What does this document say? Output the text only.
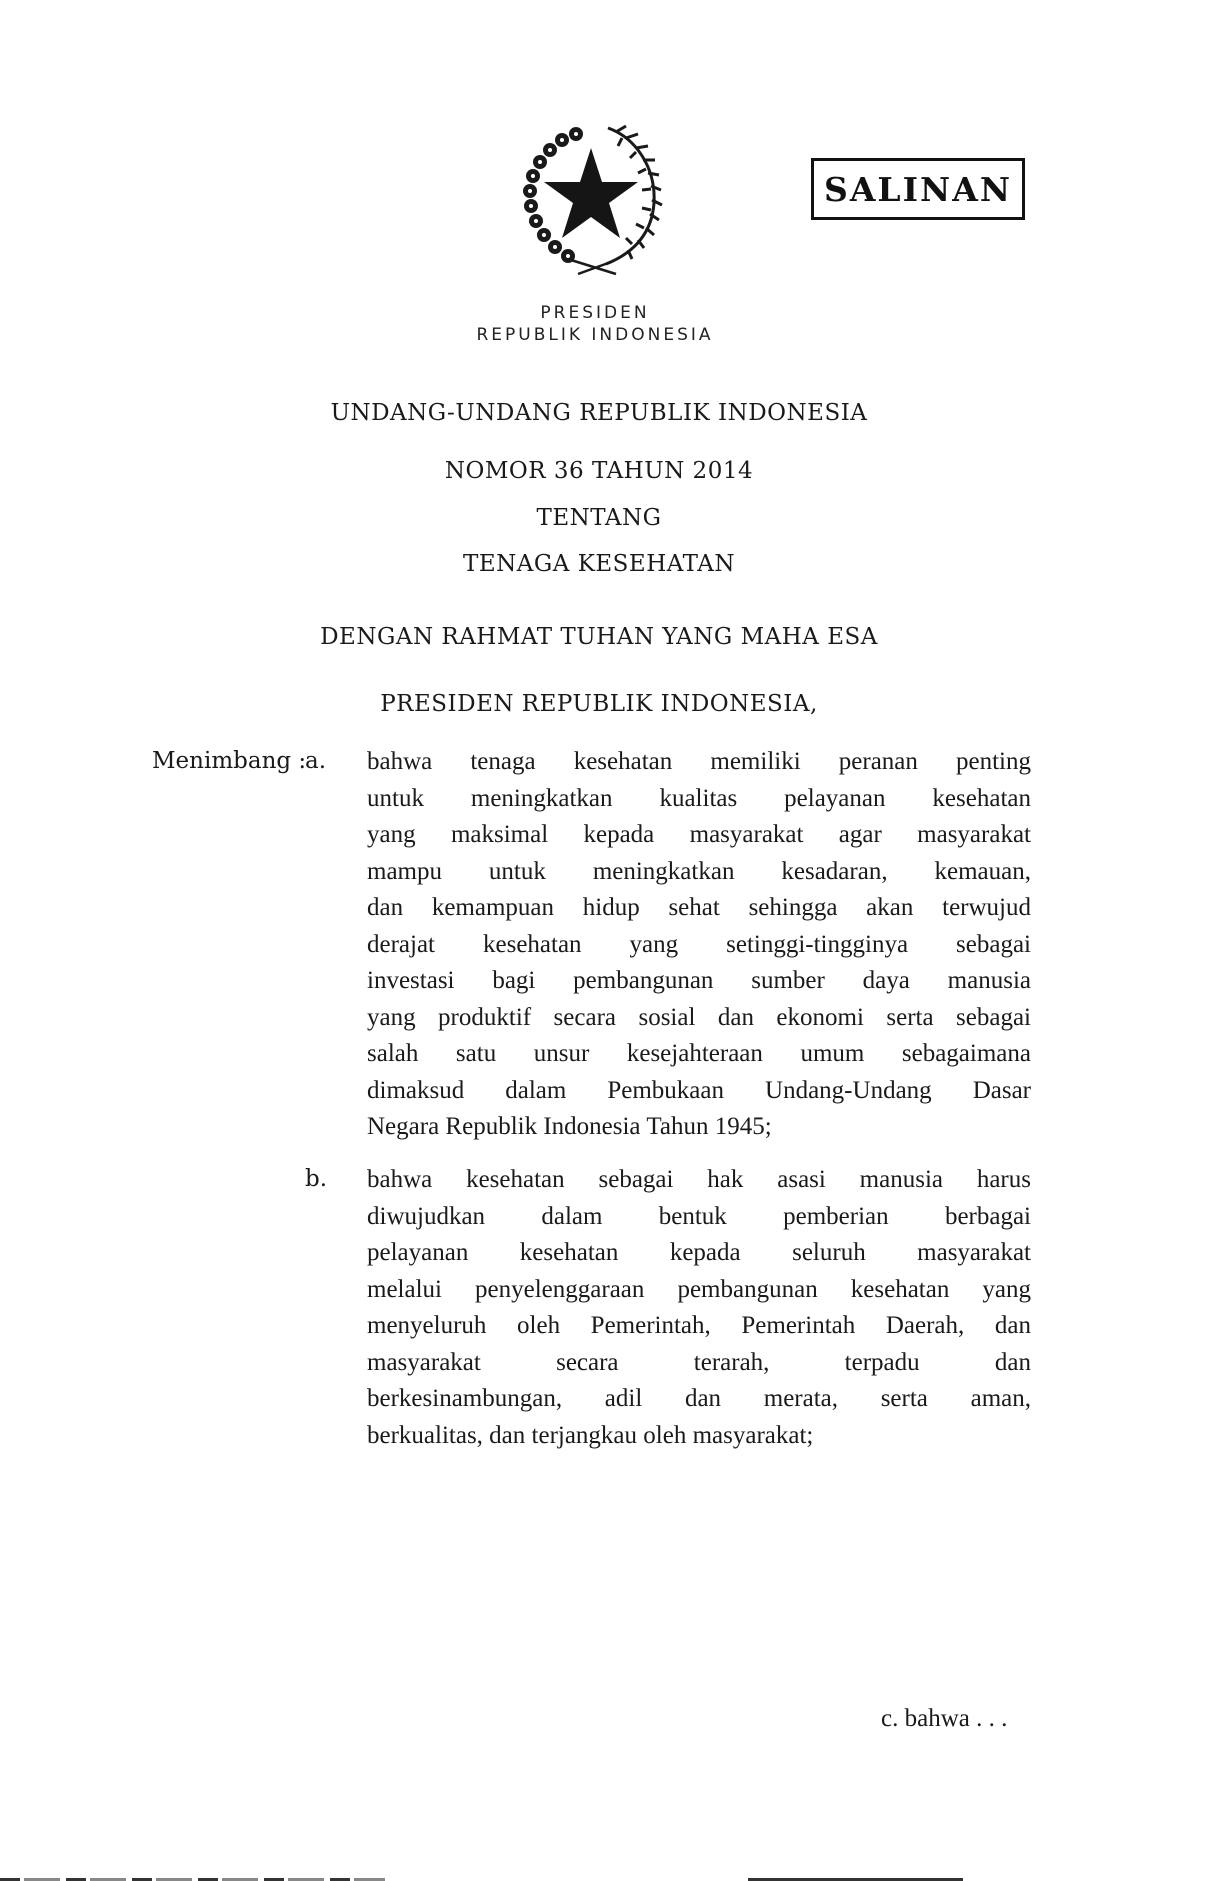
SALINAN
PRESIDEN
REPUBLIK INDONESIA
UNDANG-UNDANG REPUBLIK INDONESIA
NOMOR 36 TAHUN 2014
TENTANG
TENAGA KESEHATAN
DENGAN RAHMAT TUHAN YANG MAHA ESA
PRESIDEN REPUBLIK INDONESIA,
Menimbang :
a. bahwa tenaga kesehatan memiliki peranan penting
untuk meningkatkan kualitas pelayanan kesehatan
yang maksimal kepada masyarakat agar masyarakat
mampu untuk meningkatkan kesadaran, kemauan,
dan kemampuan hidup sehat sehingga akan terwujud
derajat kesehatan yang setinggi-tingginya sebagai
investasi bagi pembangunan sumber daya manusia
yang produktif secara sosial dan ekonomi serta sebagai
salah satu unsur kesejahteraan umum sebagaimana
dimaksud dalam Pembukaan Undang-Undang Dasar
Negara Republik Indonesia Tahun 1945;
b. bahwa kesehatan sebagai hak asasi manusia harus
diwujudkan dalam bentuk pemberian berbagai
pelayanan kesehatan kepada seluruh masyarakat
melalui penyelenggaraan pembangunan kesehatan yang
menyeluruh oleh Pemerintah, Pemerintah Daerah, dan
masyarakat secara terarah, terpadu dan
berkesinambungan, adil dan merata, serta aman,
berkualitas, dan terjangkau oleh masyarakat;
c. bahwa . . .
